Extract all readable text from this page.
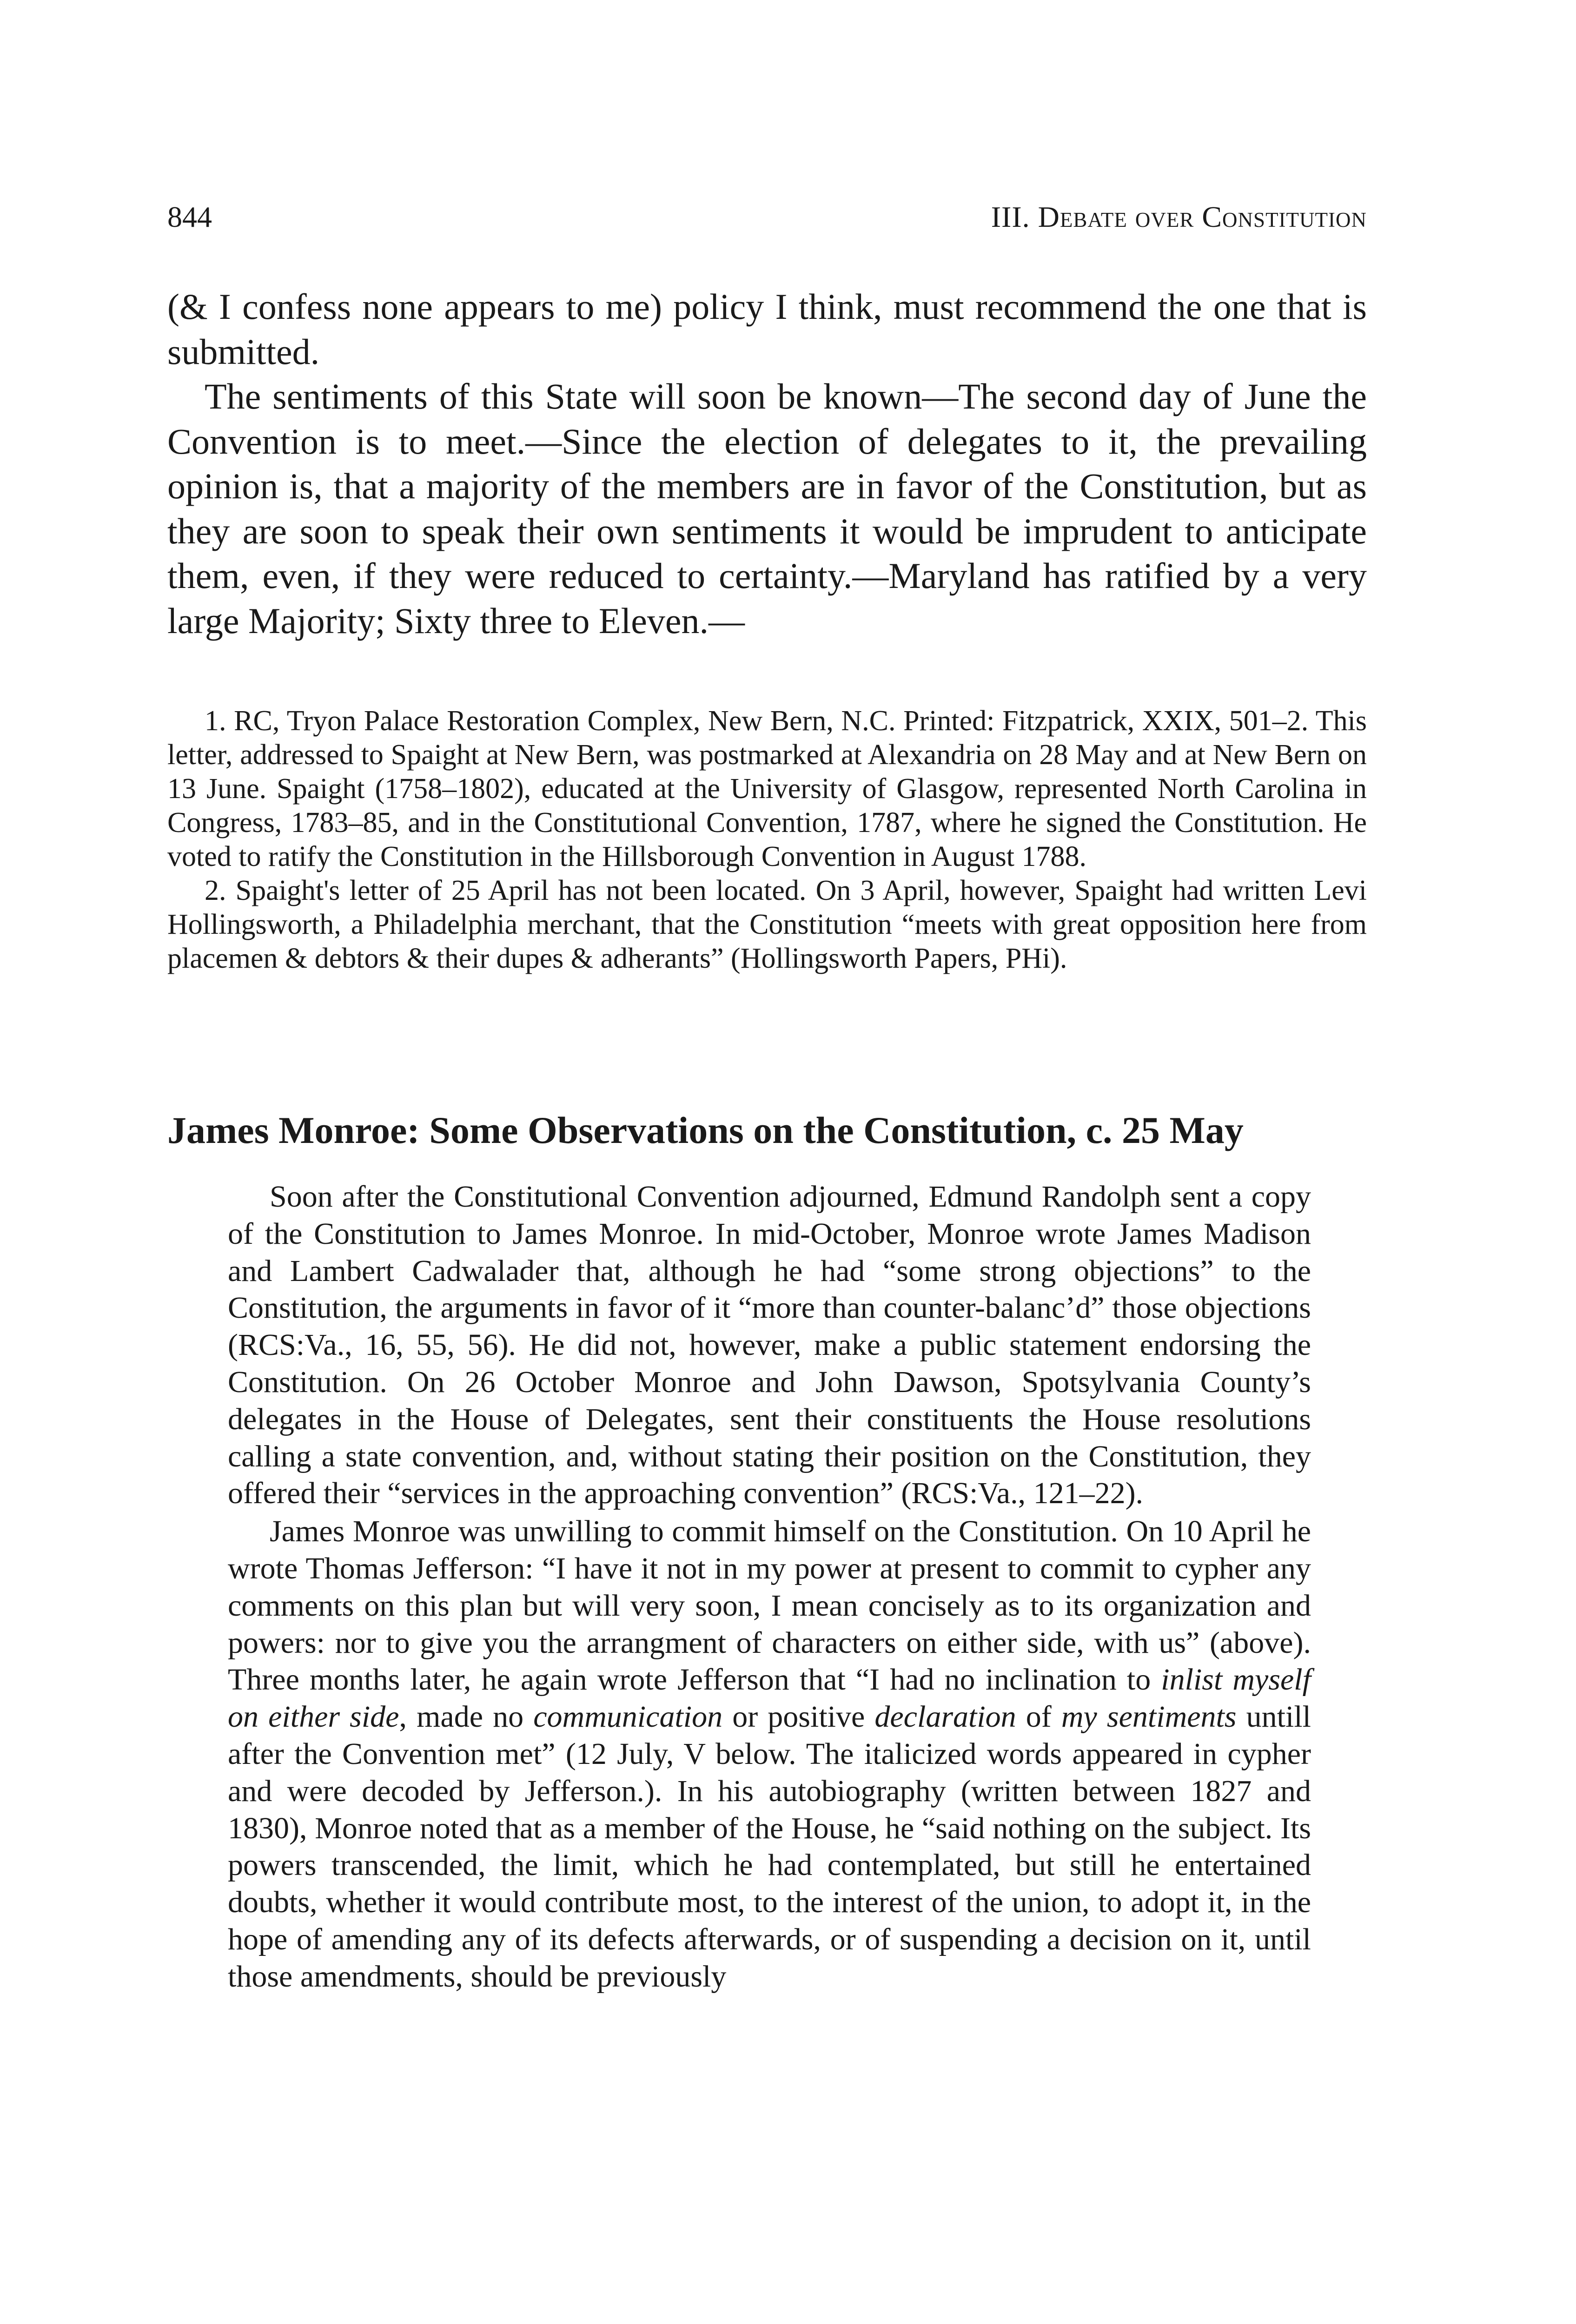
844	III. Debate over Constitution

(& I confess none appears to me) policy I think, must recommend the one that is submitted.

The sentiments of this State will soon be known—The second day of June the Convention is to meet.—Since the election of delegates to it, the prevailing opinion is, that a majority of the members are in favor of the Constitution, but as they are soon to speak their own sentiments it would be imprudent to anticipate them, even, if they were reduced to certainty.—Maryland has ratified by a very large Majority; Sixty three to Eleven.—

1. RC, Tryon Palace Restoration Complex, New Bern, N.C. Printed: Fitzpatrick, XXIX, 501–2. This letter, addressed to Spaight at New Bern, was postmarked at Alexandria on 28 May and at New Bern on 13 June. Spaight (1758–1802), educated at the University of Glasgow, represented North Carolina in Congress, 1783–85, and in the Constitutional Convention, 1787, where he signed the Constitution. He voted to ratify the Constitution in the Hillsborough Convention in August 1788.

2. Spaight's letter of 25 April has not been located. On 3 April, however, Spaight had written Levi Hollingsworth, a Philadelphia merchant, that the Constitution “meets with great opposition here from placemen & debtors & their dupes & adherants” (Hollingsworth Papers, PHi).

James Monroe: Some Observations on the Constitution, c. 25 May

Soon after the Constitutional Convention adjourned, Edmund Randolph sent a copy of the Constitution to James Monroe. In mid-October, Monroe wrote James Madison and Lambert Cadwalader that, although he had “some strong objections” to the Constitution, the arguments in favor of it “more than counter-balanc’d” those objections (RCS:Va., 16, 55, 56). He did not, however, make a public statement endorsing the Constitution. On 26 October Monroe and John Dawson, Spotsylvania County’s delegates in the House of Delegates, sent their constituents the House resolutions calling a state convention, and, without stating their position on the Constitution, they offered their “services in the approaching convention” (RCS:Va., 121–22).

James Monroe was unwilling to commit himself on the Constitution. On 10 April he wrote Thomas Jefferson: “I have it not in my power at present to commit to cypher any comments on this plan but will very soon, I mean concisely as to its organization and powers: nor to give you the arrangment of characters on either side, with us” (above). Three months later, he again wrote Jefferson that “I had no inclination to inlist myself on either side, made no communication or positive declaration of my sentiments untill after the Convention met” (12 July, V below. The italicized words appeared in cypher and were decoded by Jefferson.). In his autobiography (written between 1827 and 1830), Monroe noted that as a member of the House, he “said nothing on the subject. Its powers transcended, the limit, which he had contemplated, but still he entertained doubts, whether it would contribute most, to the interest of the union, to adopt it, in the hope of amending any of its defects afterwards, or of suspending a decision on it, until those amendments, should be previously
